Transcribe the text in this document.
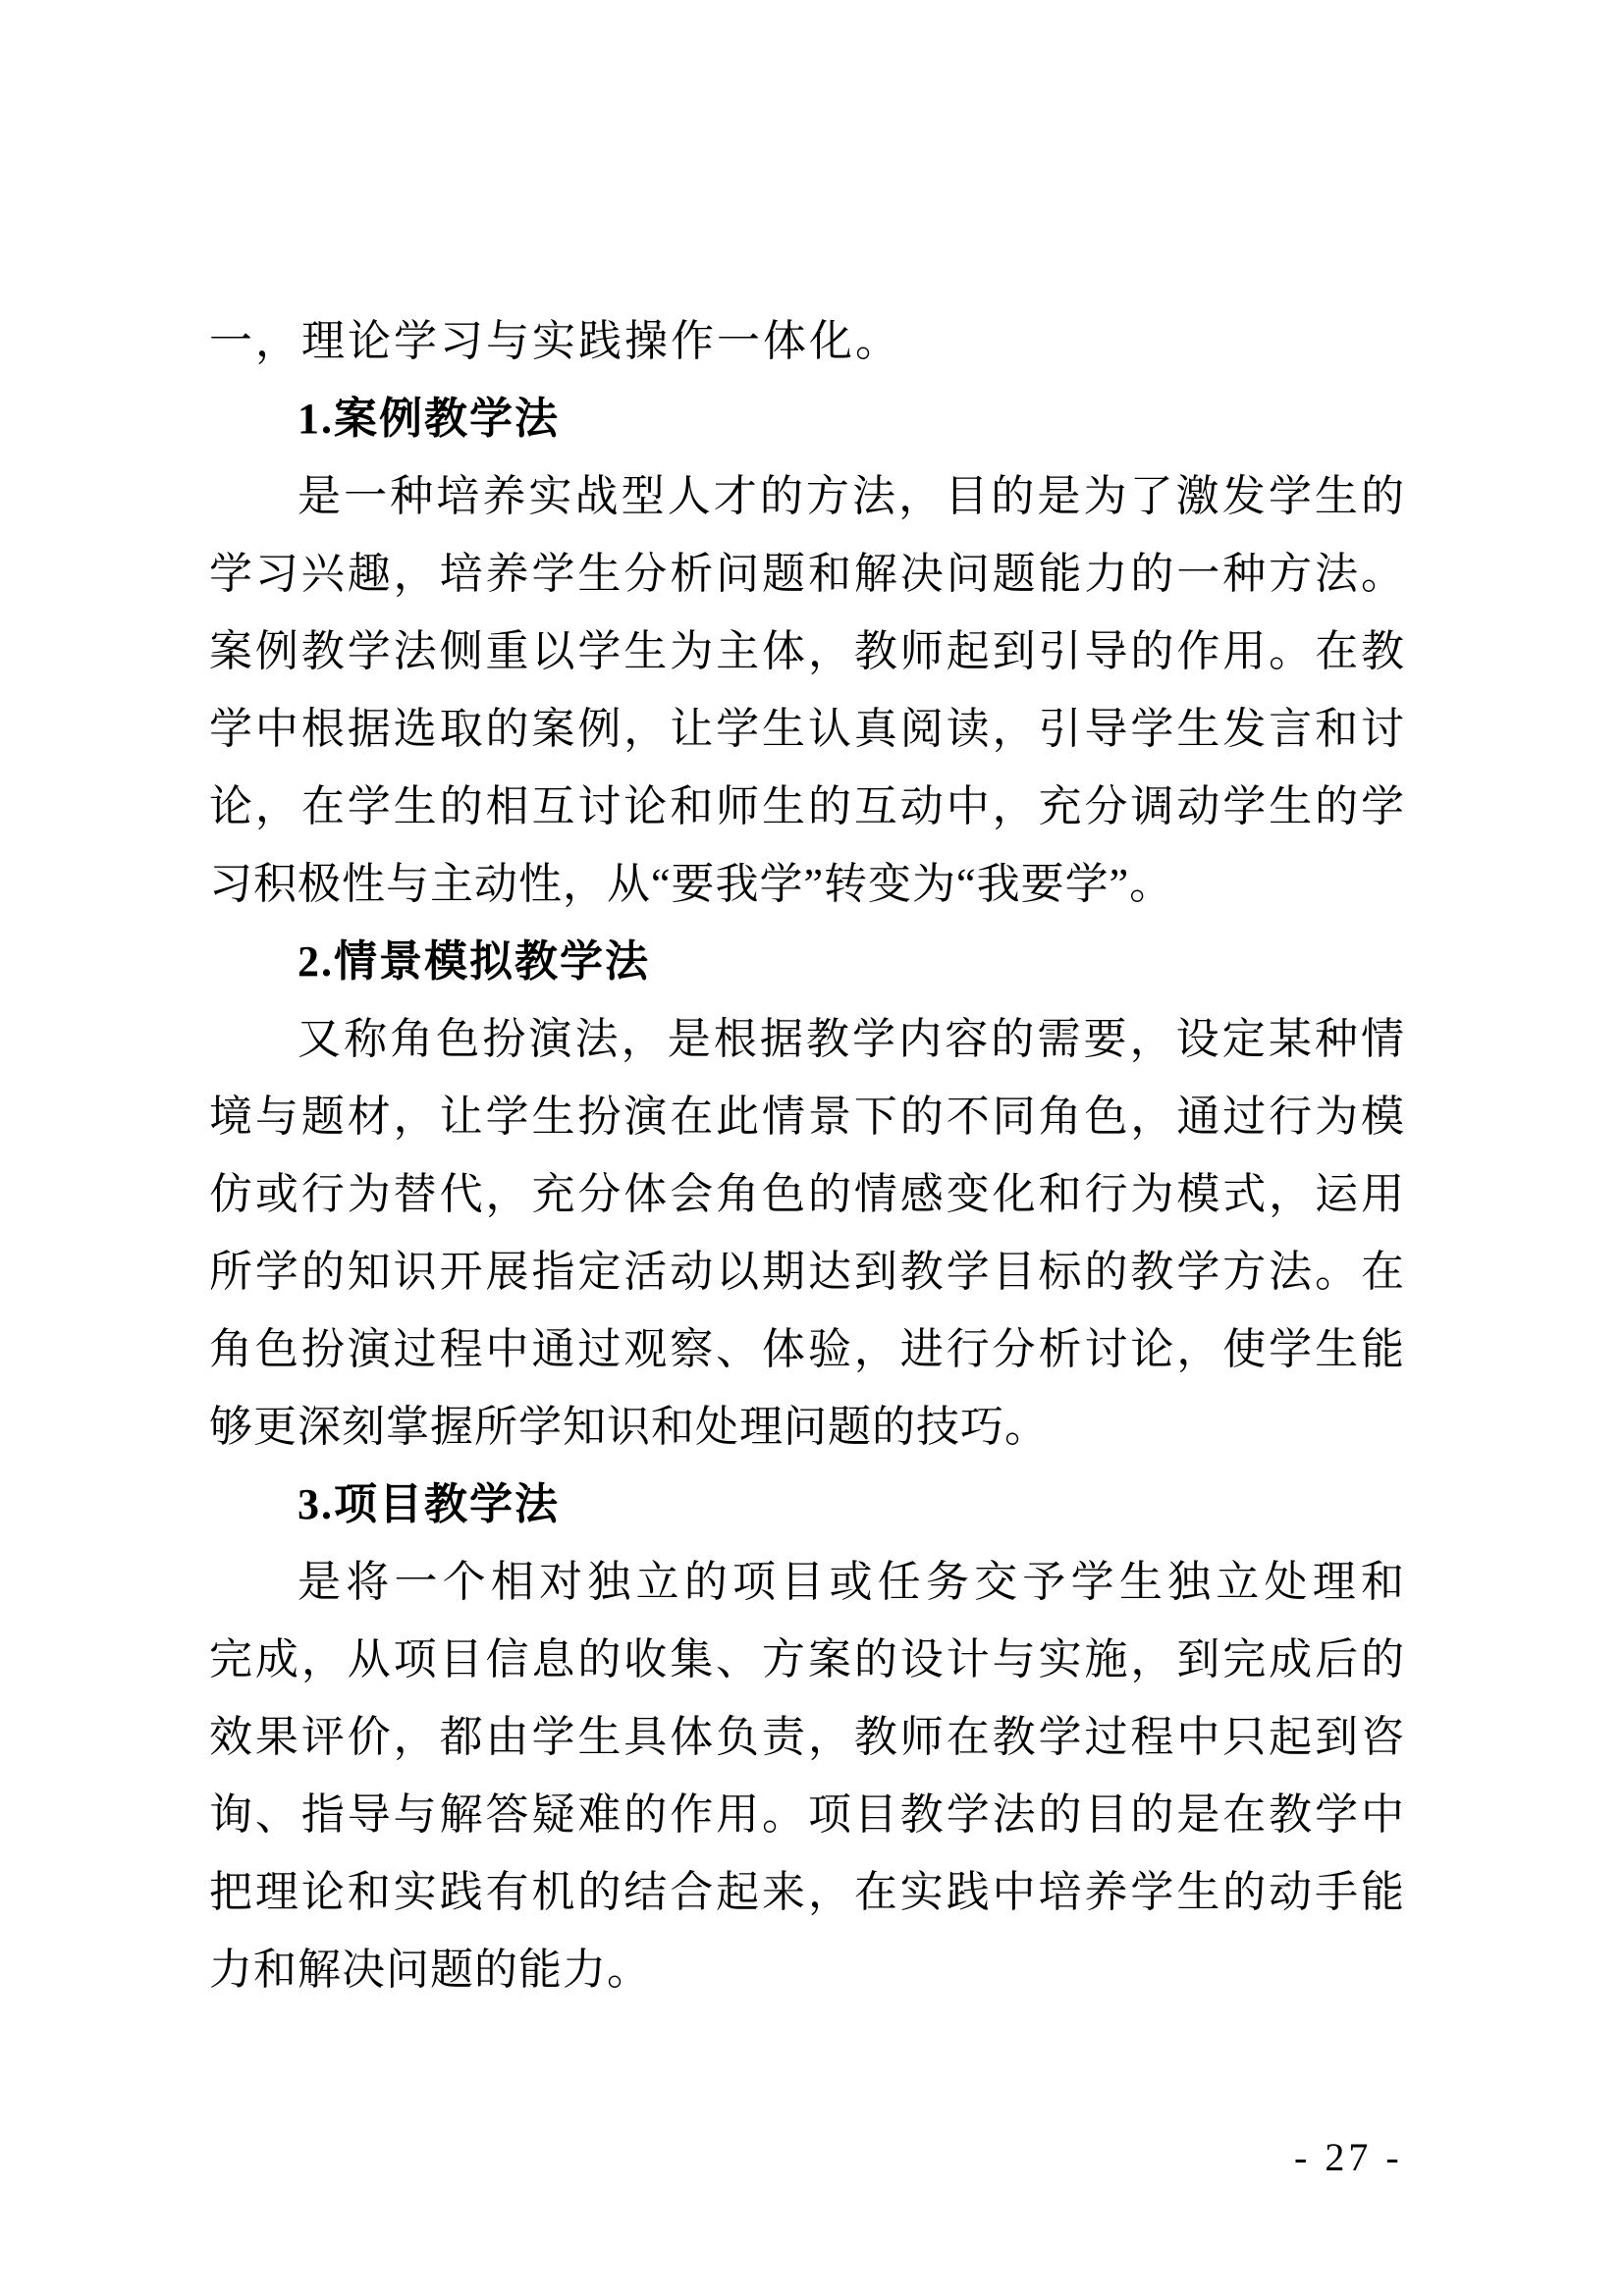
一，理论学习与实践操作一体化。
1.案例教学法
是一种培养实战型人才的方法，目的是为了激发学生的
学习兴趣，培养学生分析问题和解决问题能力的一种方法。
案例教学法侧重以学生为主体，教师起到引导的作用。在教
学中根据选取的案例，让学生认真阅读，引导学生发言和讨
论，在学生的相互讨论和师生的互动中，充分调动学生的学
习积极性与主动性，从“要我学”转变为“我要学”。
2.情景模拟教学法
又称角色扮演法，是根据教学内容的需要，设定某种情
境与题材，让学生扮演在此情景下的不同角色，通过行为模
仿或行为替代，充分体会角色的情感变化和行为模式，运用
所学的知识开展指定活动以期达到教学目标的教学方法。在
角色扮演过程中通过观察、体验，进行分析讨论，使学生能
够更深刻掌握所学知识和处理问题的技巧。
3.项目教学法
是将一个相对独立的项目或任务交予学生独立处理和
完成，从项目信息的收集、方案的设计与实施，到完成后的
效果评价，都由学生具体负责，教师在教学过程中只起到咨
询、指导与解答疑难的作用。项目教学法的目的是在教学中
把理论和实践有机的结合起来，在实践中培养学生的动手能
力和解决问题的能力。
- 27 -
